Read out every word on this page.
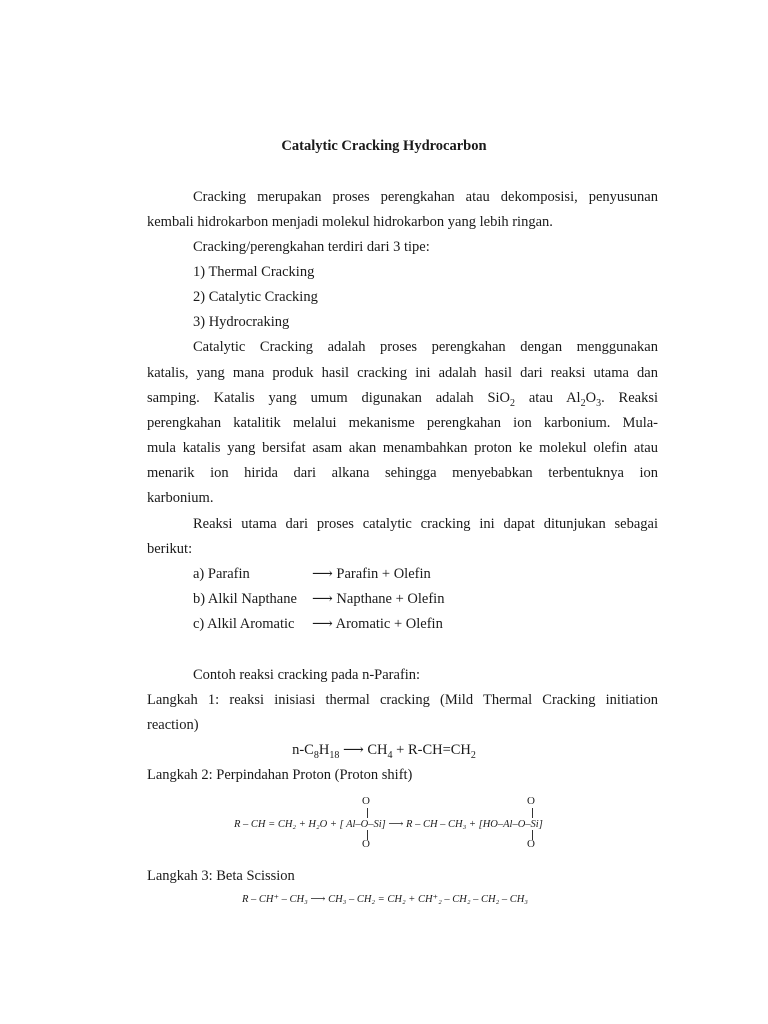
Catalytic Cracking Hydrocarbon
Cracking merupakan proses perengkahan atau dekomposisi, penyusunan
kembali hidrokarbon menjadi molekul hidrokarbon yang lebih ringan.
Cracking/perengkahan terdiri dari 3 tipe:
1) Thermal Cracking
2) Catalytic Cracking
3) Hydrocraking
Catalytic Cracking adalah proses perengkahan dengan menggunakan
katalis, yang mana produk hasil cracking ini adalah hasil dari reaksi utama dan
samping. Katalis yang umum digunakan adalah SiO$_2$ atau $Al_2O_3$. Reaksi
perengkahan katalitik melalui mekanisme perengkahan ion karbonium. Mula-
mula katalis yang bersifat asam akan menambahkan proton ke molekul olefin atau
menarik ion hirida dari alkana sehingga menyebabkan terbentuknya ion
karbonium.
Reaksi utama dari proses catalytic cracking ini dapat ditunjukan sebagai
berikut:
a) Parafin	⟶ Parafin + Olefin
b) Alkil Napthane ⟶ Napthane + Olefin
c) Alkil Aromatic ⟶ Aromatic + Olefin
Contoh reaksi cracking pada n-Parafin:
Langkah 1: reaksi inisiasi thermal cracking (Mild Thermal Cracking initiation
reaction)
$n-C_8H_{18}$ ⟶ $CH_4 + R-CH=CH_2$
Langkah 2: Perpindahan Proton (Proton shift)
O	O
R – CH = CH₂ + H₂O + [ Al–O–Si] ⟶ R – CH – CH₃ + [HO–Al–O–Si]
O	O
Langkah 3: Beta Scission
R – CH⁺ – CH₃ ⟶ CH₃ – CH₂ = CH₂ + CH⁺₂ – CH₂ – CH₂ – CH₃
